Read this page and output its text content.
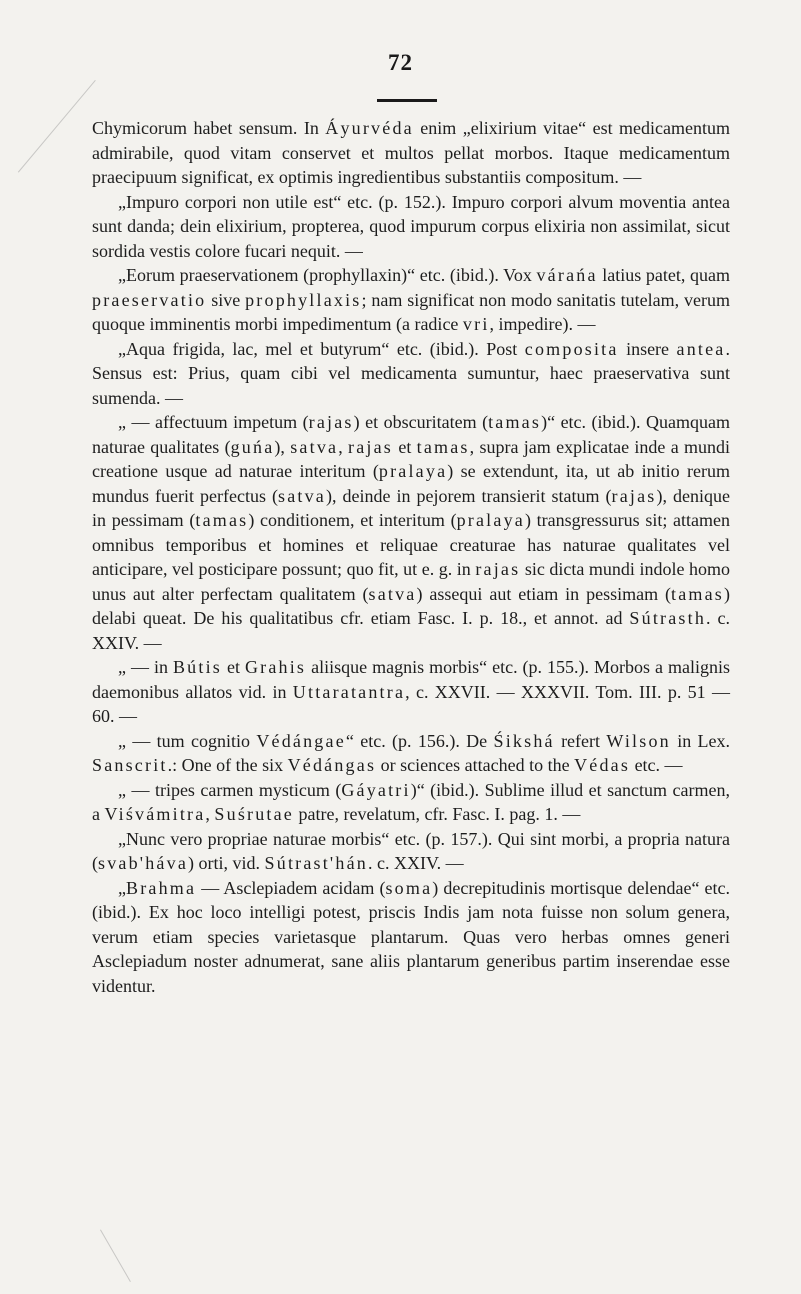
72

Chymicorum habet sensum. In Áyurvéda enim „elixirium vitae“ est medicamentum admirabile, quod vitam conservet et multos pellat morbos. Itaque medicamentum praecipuum significat, ex optimis ingredientibus substantiis compositum. —

„Impuro corpori non utile est“ etc. (p. 152.). Impuro corpori alvum moventia antea sunt danda; dein elixirium, propterea, quod impurum corpus elixiria non assimilat, sicut sordida vestis colore fucari nequit. —

„Eorum praeservationem (prophyllaxin)“ etc. (ibid.). Vox várańa latius patet, quam praeservatio sive prophyllaxis; nam significat non modo sanitatis tutelam, verum quoque imminentis morbi impedimentum (a radice vri, impedire). —

„Aqua frigida, lac, mel et butyrum“ etc. (ibid.). Post composita insere antea. Sensus est: Prius, quam cibi vel medicamenta sumuntur, haec praeservativa sunt sumenda. —

„ — affectuum impetum (rajas) et obscuritatem (tamas)“ etc. (ibid.). Quamquam naturae qualitates (guńa), satva, rajas et tamas, supra jam explicatae inde a mundi creatione usque ad naturae interitum (pralaya) se extendunt, ita, ut ab initio rerum mundus fuerit perfectus (satva), deinde in pejorem transierit statum (rajas), denique in pessimam (tamas) conditionem, et interitum (pralaya) transgressurus sit; attamen omnibus temporibus et homines et reliquae creaturae has naturae qualitates vel anticipare, vel posticipare possunt; quo fit, ut e. g. in rajas sic dicta mundi indole homo unus aut alter perfectam qualitatem (satva) assequi aut etiam in pessimam (tamas) delabi queat. De his qualitatibus cfr. etiam Fasc. I. p. 18., et annot. ad Sútrasth. c. XXIV. —

„ — in Bútis et Grahis aliisque magnis morbis“ etc. (p. 155.). Morbos a malignis daemonibus allatos vid. in Uttaratantra, c. XXVII. — XXXVII. Tom. III. p. 51 — 60. —

„ — tum cognitio Védángae“ etc. (p. 156.). De Śikshá refert Wilson in Lex. Sanscrit.: One of the six Védángas or sciences attached to the Védas etc. —

„ — tripes carmen mysticum (Gáyatri)“ (ibid.). Sublime illud et sanctum carmen, a Viśvámitra, Suśrutae patre, revelatum, cfr. Fasc. I. pag. 1. —

„Nunc vero propriae naturae morbis“ etc. (p. 157.). Qui sint morbi, a propria natura (svab'háva) orti, vid. Sútrast'hán. c. XXIV. —

„Brahma — Asclepiadem acidam (soma) decrepitudinis mortisque delendae“ etc. (ibid.). Ex hoc loco intelligi potest, priscis Indis jam nota fuisse non solum genera, verum etiam species varietasque plantarum. Quas vero herbas omnes generi Asclepiadum noster adnumerat, sane aliis plantarum generibus partim inserendae esse videntur.
